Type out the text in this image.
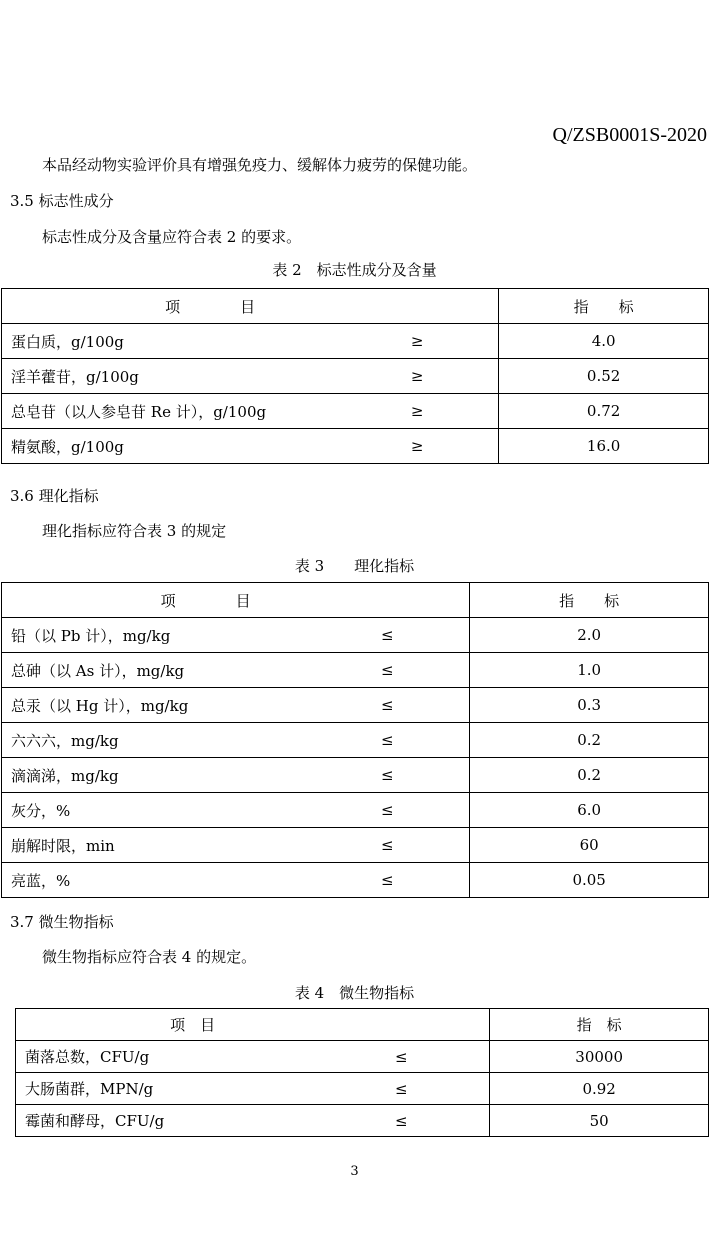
Q/ZSB0001S-2020
本品经动物实验评价具有增强免疫力、缓解体力疲劳的保健功能。
3.5 标志性成分
标志性成分及含量应符合表 2 的要求。
表 2　标志性成分及含量
项　　　　目		指　　标
蛋白质，g/100g	≥	4.0
淫羊藿苷，g/100g	≥	0.52
总皂苷（以人参皂苷 Re 计），g/100g	≥	0.72
精氨酸，g/100g	≥	16.0
3.6 理化指标
理化指标应符合表 3 的规定
表 3　　理化指标
项　　　　目		指　　标
铅（以 Pb 计），mg/kg	≤	2.0
总砷（以 As 计），mg/kg	≤	1.0
总汞（以 Hg 计），mg/kg	≤	0.3
六六六，mg/kg	≤	0.2
滴滴涕，mg/kg	≤	0.2
灰分，%	≤	6.0
崩解时限，min	≤	60
亮蓝，%	≤	0.05
3.7 微生物指标
微生物指标应符合表 4 的规定。
表 4　微生物指标
项　目		指　标
菌落总数，CFU/g	≤	30000
大肠菌群，MPN/g	≤	0.92
霉菌和酵母，CFU/g	≤	50
3
